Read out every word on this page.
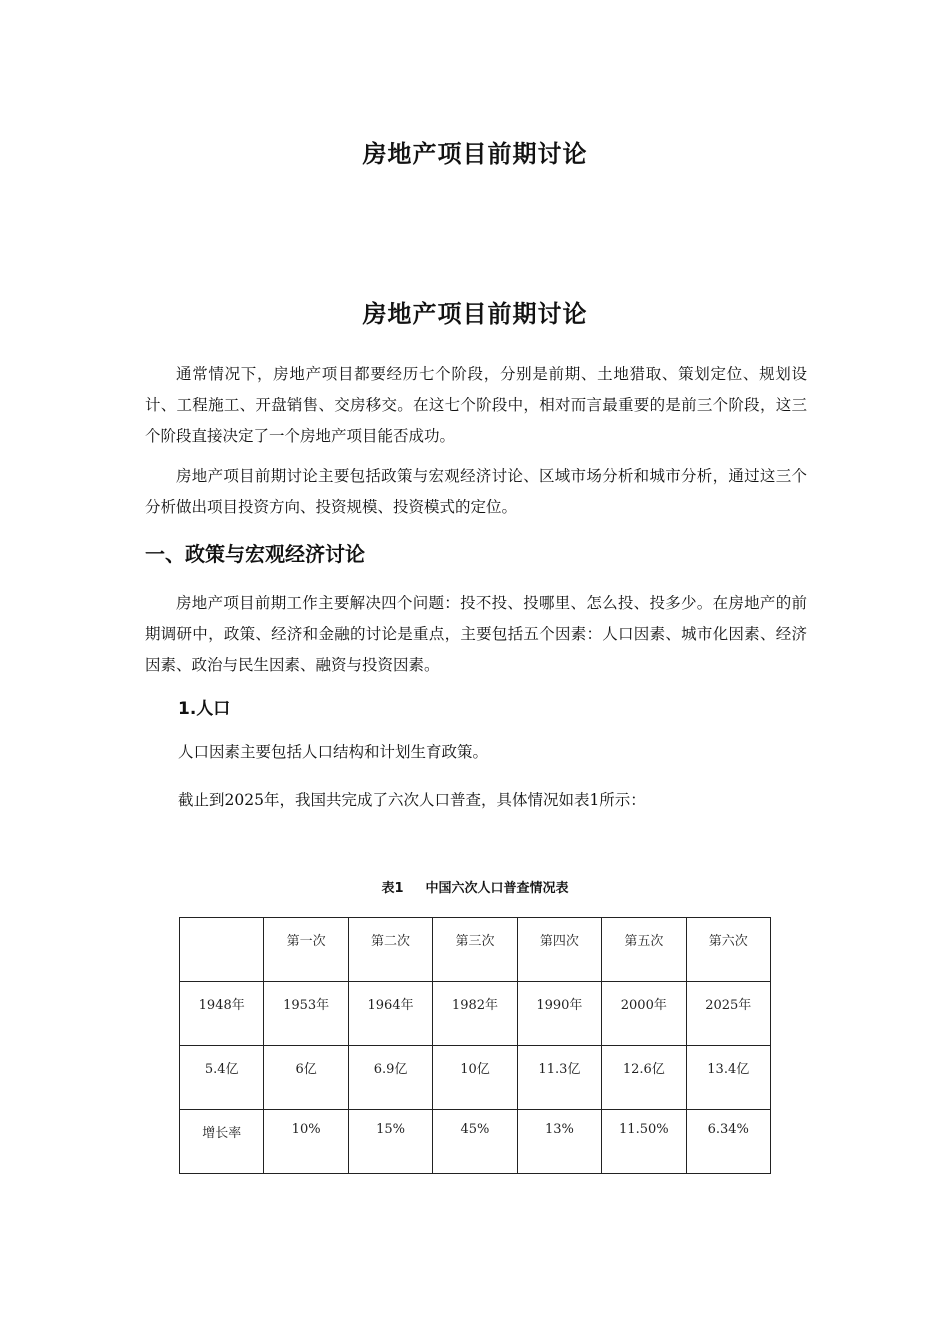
房地产项目前期讨论
房地产项目前期讨论

通常情况下，房地产项目都要经历七个阶段，分别是前期、土地猎取、策划定位、规划设计、工程施工、开盘销售、交房移交。在这七个阶段中，相对而言最重要的是前三个阶段，这三个阶段直接决定了一个房地产项目能否成功。

房地产项目前期讨论主要包括政策与宏观经济讨论、区域市场分析和城市分析，通过这三个分析做出项目投资方向、投资规模、投资模式的定位。

一、政策与宏观经济讨论

房地产项目前期工作主要解决四个问题：投不投、投哪里、怎么投、投多少。在房地产的前期调研中，政策、经济和金融的讨论是重点，主要包括五个因素：人口因素、城市化因素、经济因素、政治与民生因素、融资与投资因素。

1.人口

人口因素主要包括人口结构和计划生育政策。

截止到2025年，我国共完成了六次人口普查，具体情况如表1所示：

表1 中国六次人口普查情况表
	第一次	第二次	第三次	第四次	第五次	第六次
1948年	1953年	1964年	1982年	1990年	2000年	2025年
5.4亿	6亿	6.9亿	10亿	11.3亿	12.6亿	13.4亿
增长率	10%	15%	45%	13%	11.50%	6.34%
